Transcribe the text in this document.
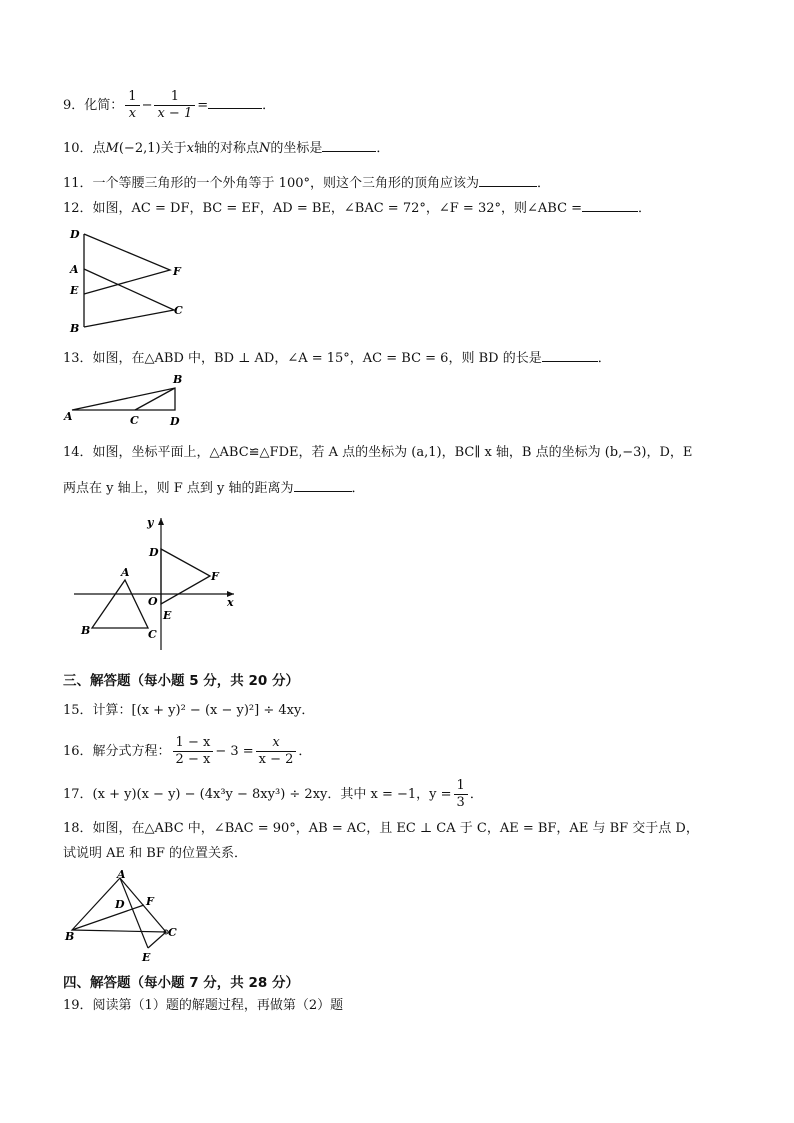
9．化简： $\frac{1}{x} - \frac{1}{x - 1}$ =	．
10．点M(−2,1)关于x轴的对称点N的坐标是	．
11．一个等腰三角形的一个外角等于 100°，则这个三角形的顶角应该为	．
12．如图，AC = DF，BC = EF，AD = BE，∠BAC = 72°，∠F = 32°，则∠ABC =	．
D
A
E
B
F
C
13．如图，在△ABD 中，BD ⊥ AD，∠A = 15°，AC = BC = 6，则 BD 的长是	．
A
B
C	D
14．如图，坐标平面上，△ABC≌△FDE，若 A 点的坐标为 (a,1)，BC∥ x 轴，B 点的坐标为 (b,−3)，D，E
两点在 y 轴上，则 F 点到 y 轴的距离为	．
y
x
O
A
B	C
D
E
F
三、解答题（每小题 5 分，共 20 分）
15．计算：[(x + y)² − (x − y)²] ÷ 4xy．
16．解分式方程： $\frac{1 - x}{2 - x} - 3 = \frac{x}{x - 2}$ ．
17．(x + y)(x − y) − (4x³y − 8xy³) ÷ 2xy．其中 x = −1，$y = \frac{1}{3}$ ．
18．如图，在△ABC 中，∠BAC = 90°，AB = AC，且 EC ⊥ CA 于 C，AE = BF，AE 与 BF 交于点 D，
试说明 AE 和 BF 的位置关系．
A
B	C
D
E
F
四、解答题（每小题 7 分，共 28 分）
19．阅读第（1）题的解题过程，再做第（2）题
